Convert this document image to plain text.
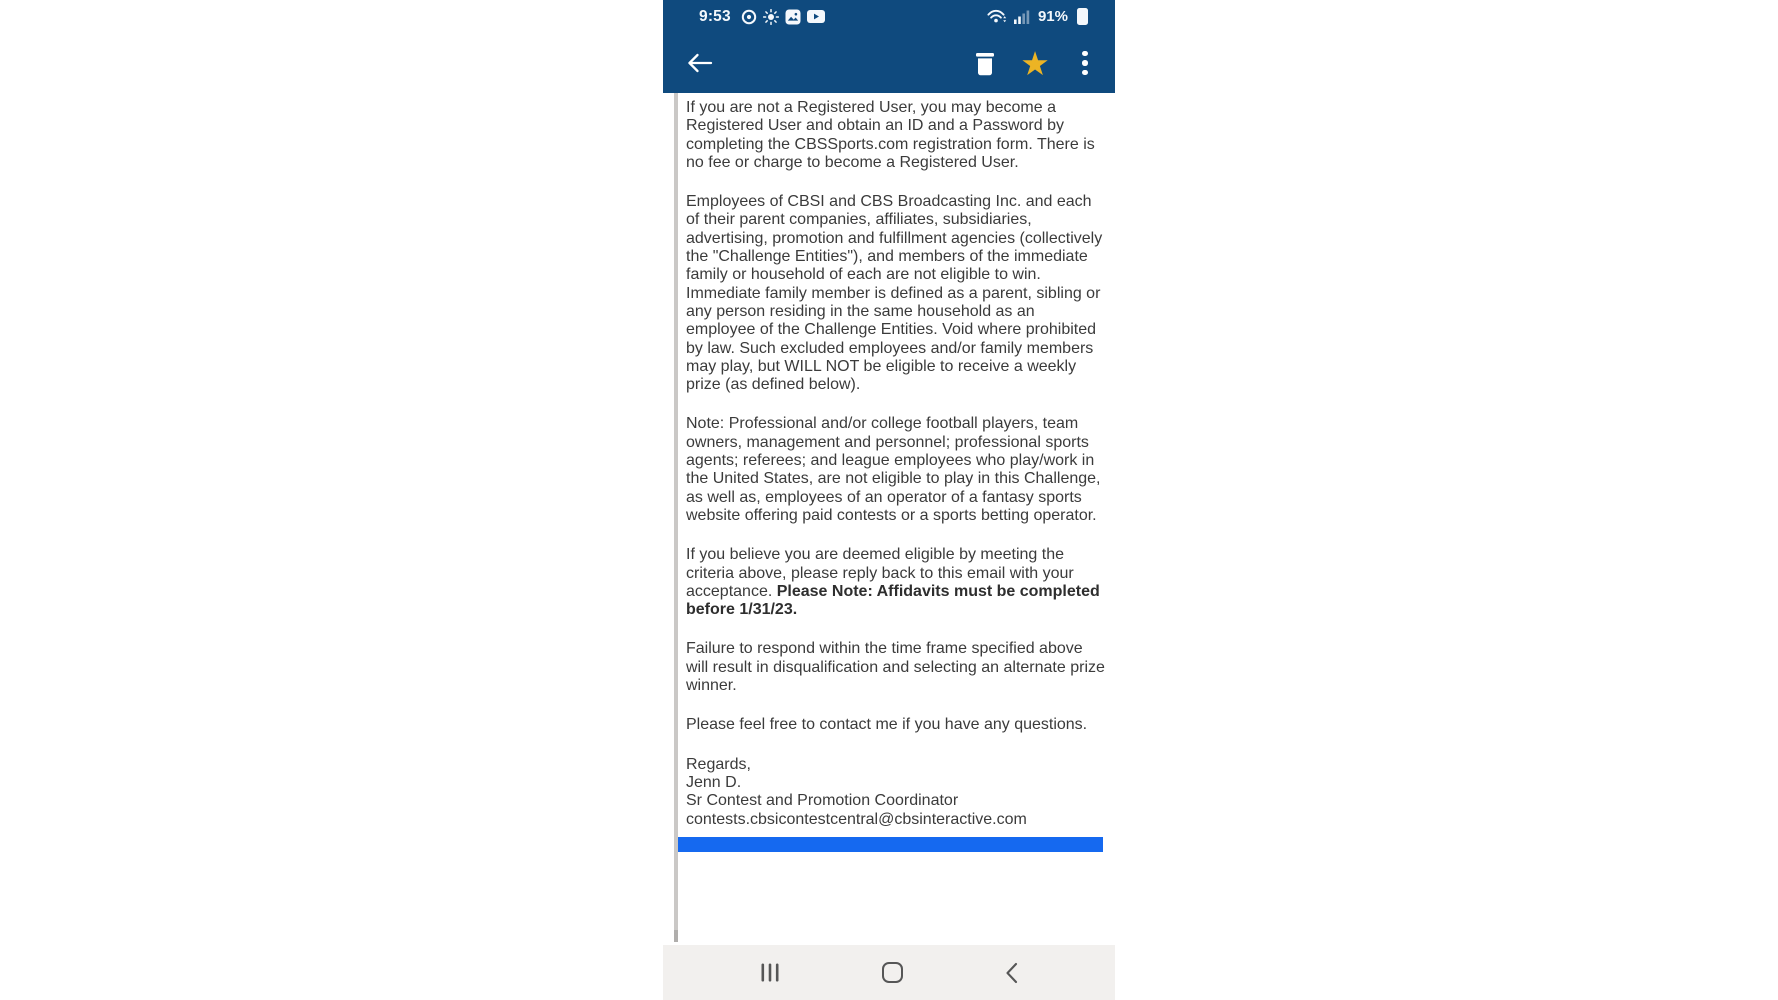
9:53	91%
★

If you are not a Registered User, you may become a Registered User and obtain an ID and a Password by completing the CBSSports.com registration form. There is no fee or charge to become a Registered User.

Employees of CBSI and CBS Broadcasting Inc. and each of their parent companies, affiliates, subsidiaries, advertising, promotion and fulfillment agencies (collectively the "Challenge Entities"), and members of the immediate family or household of each are not eligible to win. Immediate family member is defined as a parent, sibling or any person residing in the same household as an employee of the Challenge Entities. Void where prohibited by law. Such excluded employees and/or family members may play, but WILL NOT be eligible to receive a weekly prize (as defined below).

Note: Professional and/or college football players, team owners, management and personnel; professional sports agents; referees; and league employees who play/work in the United States, are not eligible to play in this Challenge, as well as, employees of an operator of a fantasy sports website offering paid contests or a sports betting operator.

If you believe you are deemed eligible by meeting the criteria above, please reply back to this email with your acceptance. Please Note: Affidavits must be completed before 1/31/23.

Failure to respond within the time frame specified above will result in disqualification and selecting an alternate prize winner.

Please feel free to contact me if you have any questions.

Regards,
Jenn D.
Sr Contest and Promotion Coordinator
contests.cbsicontestcentral@cbsinteractive.com
